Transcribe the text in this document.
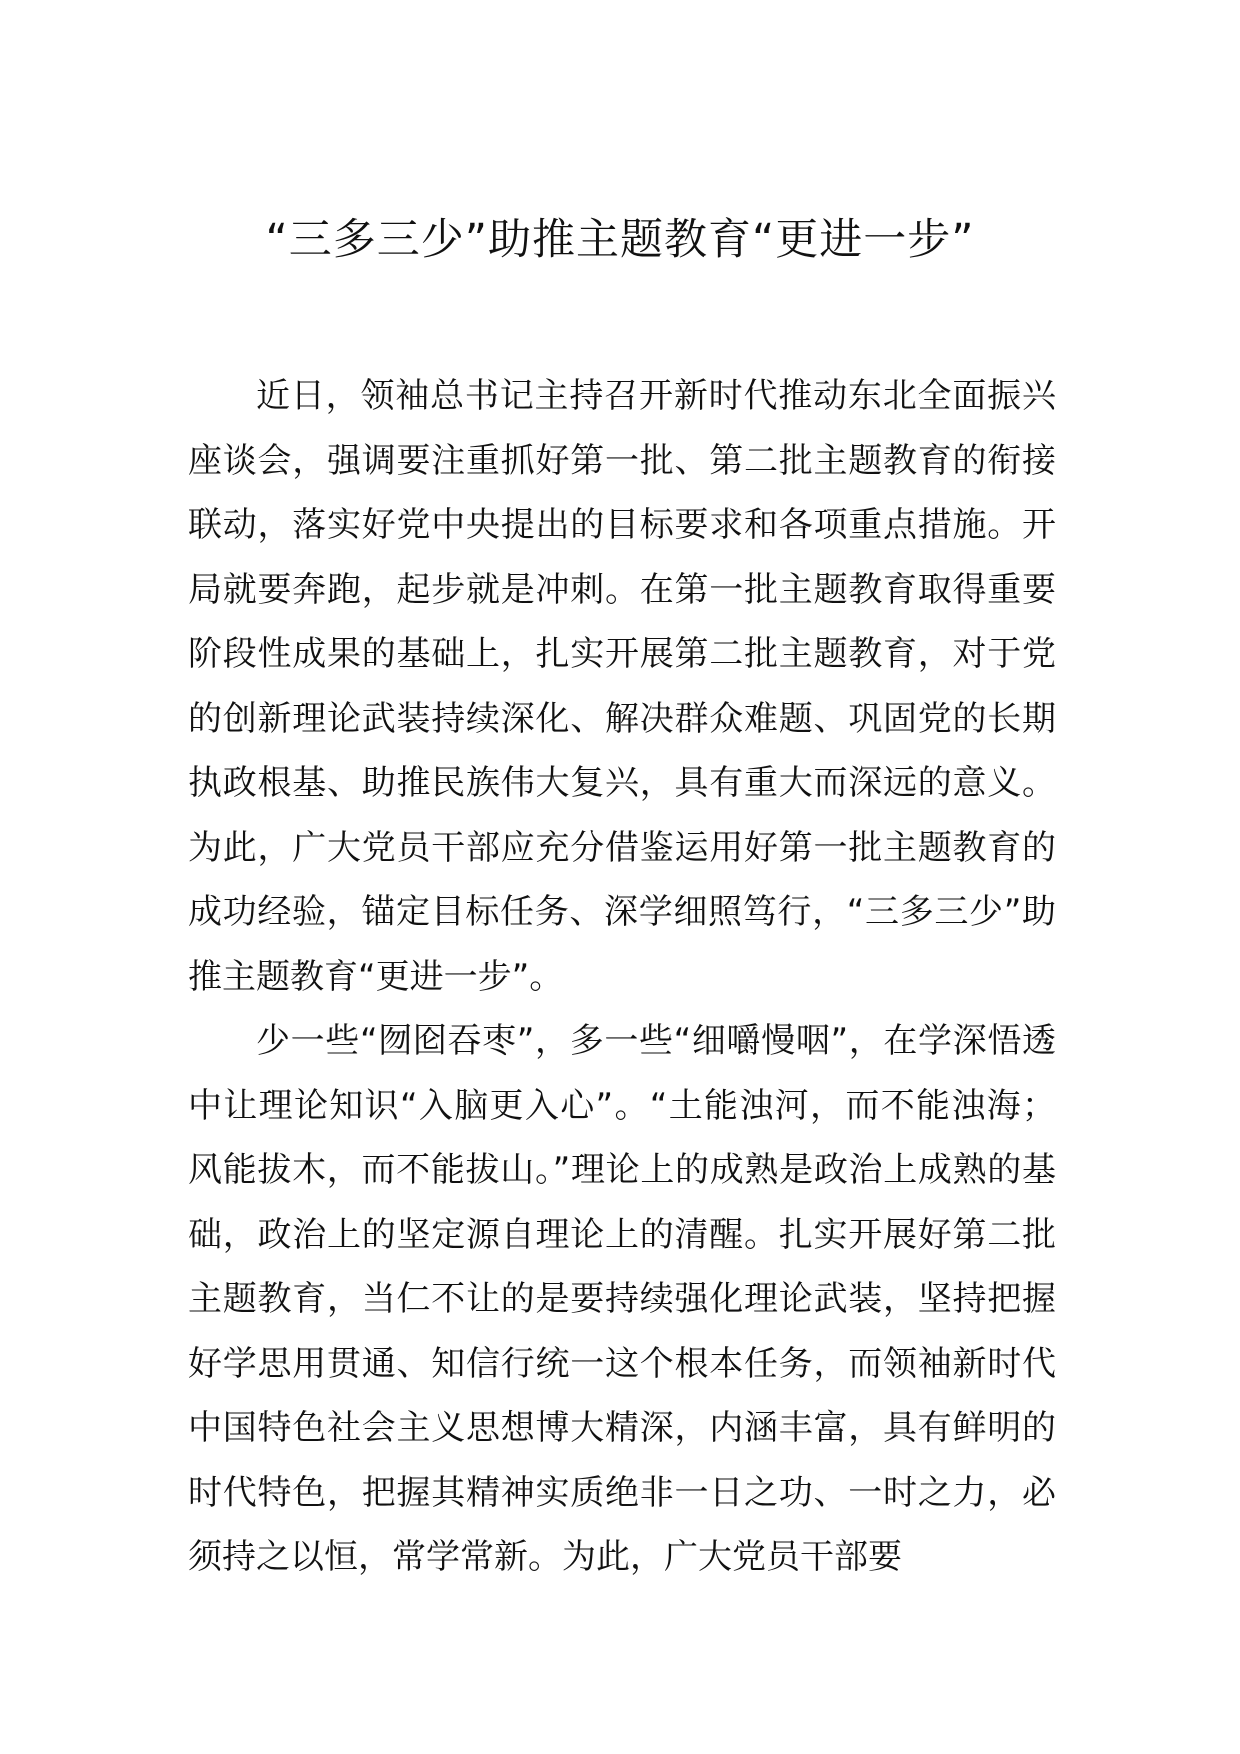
“三多三少”助推主题教育“更进一步”

近日，领袖总书记主持召开新时代推动东北全面振兴座谈会，强调要注重抓好第一批、第二批主题教育的衔接联动，落实好党中央提出的目标要求和各项重点措施。开局就要奔跑，起步就是冲刺。在第一批主题教育取得重要阶段性成果的基础上，扎实开展第二批主题教育，对于党的创新理论武装持续深化、解决群众难题、巩固党的长期执政根基、助推民族伟大复兴，具有重大而深远的意义。为此，广大党员干部应充分借鉴运用好第一批主题教育的成功经验，锚定目标任务、深学细照笃行，“三多三少”助推主题教育“更进一步”。

少一些“囫囵吞枣”，多一些“细嚼慢咽”，在学深悟透中让理论知识“入脑更入心”。“土能浊河，而不能浊海；风能拔木，而不能拔山。”理论上的成熟是政治上成熟的基础，政治上的坚定源自理论上的清醒。扎实开展好第二批主题教育，当仁不让的是要持续强化理论武装，坚持把握好学思用贯通、知信行统一这个根本任务，而领袖新时代中国特色社会主义思想博大精深，内涵丰富，具有鲜明的时代特色，把握其精神实质绝非一日之功、一时之力，必须持之以恒，常学常新。为此，广大党员干部要
